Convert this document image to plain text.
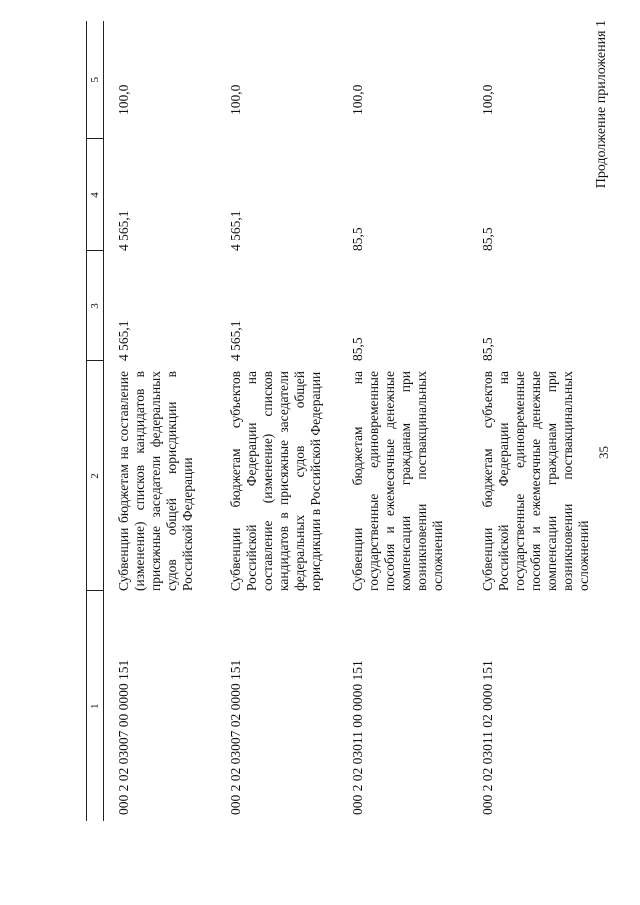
35
Продолжение приложения 1
1	2	3	4	5
000 2 02 03007 00 0000 151	Субвенции бюджетам на составление (изменение) списков кандидатов в присяжные заседатели федеральных судов общей юрисдикции в Российской Федерации	4 565,1	4 565,1	100,0
000 2 02 03007 02 0000 151	Субвенции бюджетам субъектов Российской Федерации на составление (изменение) списков кандидатов в присяжные заседатели федеральных судов общей юрисдикции в Российской Федерации	4 565,1	4 565,1	100,0
000 2 02 03011 00 0000 151	Субвенции бюджетам на государственные единовременные пособия и ежемесячные денежные компенсации гражданам при возникновении поствакцинальных осложнений	85,5	85,5	100,0
000 2 02 03011 02 0000 151	Субвенции бюджетам субъектов Российской Федерации на государственные единовременные пособия и ежемесячные денежные компенсации гражданам при возникновении поствакцинальных осложнений	85,5	85,5	100,0
